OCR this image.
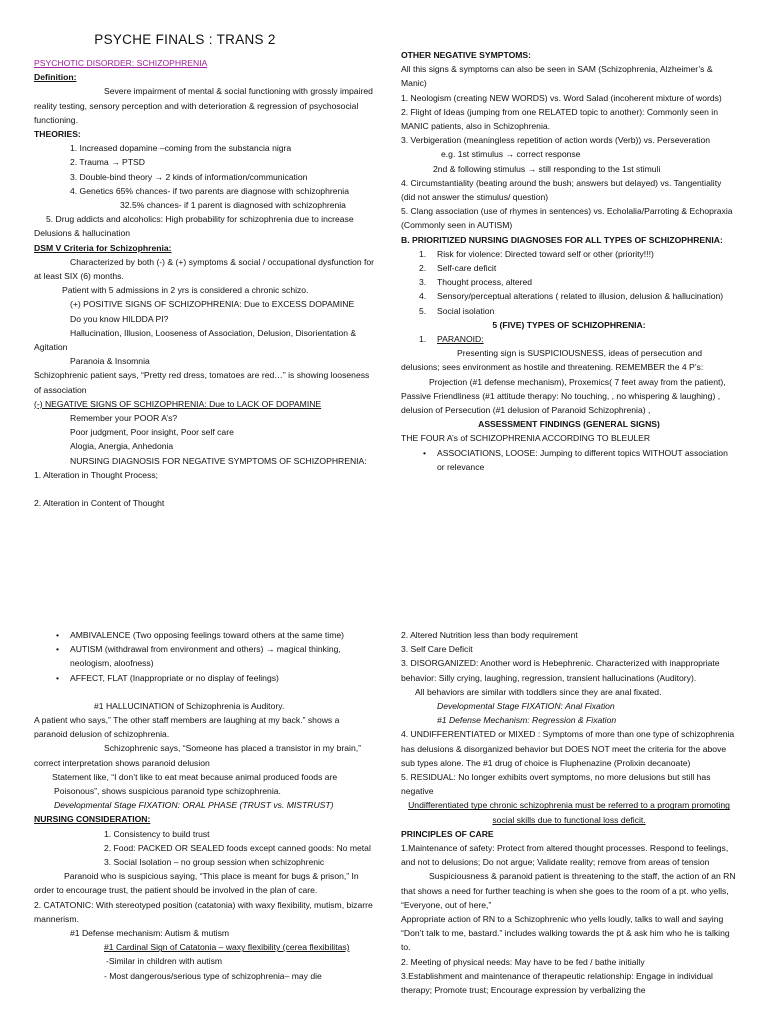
PSYCHE FINALS : TRANS 2

PSYCHOTIC DISORDER: SCHIZOPHRENIA

Definition:

Severe impairment of mental & social functioning with grossly impaired reality testing, sensory perception and with deterioration & regression of psychosocial functioning.

THEORIES:

1. Increased dopamine –coming from the substancia nigra

2. Trauma → PTSD

3. Double-bind theory → 2 kinds of information/communication

4. Genetics 65% chances- if two parents are diagnose with schizophrenia

32.5% chances- if 1 parent is diagnosed with schizophrenia

5. Drug addicts and alcoholics: High probability for schizophrenia due to increase Delusions & hallucination

DSM V Criteria for Schizophrenia:

Characterized by both (-) & (+) symptoms & social / occupational dysfunction for at least SIX (6) months.

Patient with 5 admissions in 2 yrs is considered a chronic schizo.

(+) POSITIVE SIGNS OF SCHIZOPHRENIA: Due to EXCESS DOPAMINE

Do you know HILDDA PI?

Hallucination, Illusion, Looseness of Association, Delusion, Disorientation & Agitation

Paranoia & Insomnia

Schizophrenic patient says, “Pretty red dress, tomatoes are red…” is showing looseness of association

(-) NEGATIVE SIGNS OF SCHIZOPHRENIA: Due to LACK OF DOPAMINE

Remember your POOR A’s?

Poor judgment, Poor insight, Poor self care

Alogia, Anergia, Anhedonia

NURSING DIAGNOSIS FOR NEGATIVE SYMPTOMS OF SCHIZOPHRENIA:

1. Alteration in Thought Process;

2. Alteration in Content of Thought

OTHER NEGATIVE SYMPTOMS:

All this signs & symptoms can also be seen in SAM (Schizophrenia, Alzheimer’s & Manic)

1. Neologism (creating NEW WORDS) vs. Word Salad (incoherent mixture of words)

2. Flight of Ideas (jumping from one RELATED topic to another): Commonly seen in MANIC patients, also in Schizophrenia.

3. Verbigeration (meaningless repetition of action words (Verb)) vs. Perseveration

e.g. 1st stimulus → correct response

2nd & following stimulus → still responding to the 1st stimuli

4. Circumstantiality (beating around the bush; answers but delayed) vs. Tangentiality (did not answer the stimulus/ question)

5. Clang association (use of rhymes in sentences) vs. Echolalia/Parroting & Echopraxia (Commonly seen in AUTISM)

B. PRIORITIZED NURSING DIAGNOSES FOR ALL TYPES OF SCHIZOPHRENIA:

1. Risk for violence: Directed toward self or other (priority!!!)

2. Self-care deficit

3. Thought process, altered

4. Sensory/perceptual alterations ( related to illusion, delusion & hallucination)

5. Social isolation

5 (FIVE) TYPES OF SCHIZOPHRENIA:

1. PARANOID:

Presenting sign is SUSPICIOUSNESS, ideas of persecution and delusions; sees environment as hostile and threatening. REMEMBER the 4 P’s:

Projection (#1 defense mechanism), Proxemics( 7 feet away from the patient), Passive Friendliness (#1 attitude therapy: No touching, , no whispering & laughing) , delusion of Persecution (#1 delusion of Paranoid Schizophrenia) ,

ASSESSMENT FINDINGS (GENERAL SIGNS)

THE FOUR A’s of SCHIZOPHRENIA ACCORDING TO BLEULER

• ASSOCIATIONS, LOOSE: Jumping to different topics WITHOUT association or relevance

• AMBIVALENCE (Two opposing feelings toward others at the same time)

• AUTISM (withdrawal from environment and others) → magical thinking, neologism, aloofness)

• AFFECT, FLAT (Inappropriate or no display of feelings)

#1 HALLUCINATION of Schizophrenia is Auditory.

A patient who says,” The other staff members are laughing at my back.” shows a paranoid delusion of schizophrenia.

Schizophrenic says, “Someone has placed a transistor in my brain,” correct interpretation shows paranoid delusion

Statement like, “I don’t like to eat meat because animal produced foods are

Poisonous”, shows suspicious paranoid type schizophrenia.

Developmental Stage FIXATION: ORAL PHASE (TRUST vs. MISTRUST)

NURSING CONSIDERATION:

1. Consistency to build trust

2. Food: PACKED OR SEALED foods except canned goods: No metal

3. Social Isolation – no group session when schizophrenic

Paranoid who is suspicious saying, “This place is meant for bugs & prison,” In order to encourage trust, the patient should be involved in the plan of care.

2. CATATONIC: With stereotyped position (catatonia) with waxy flexibility, mutism, bizarre mannerism.

#1 Defense mechanism: Autism & mutism

#1 Cardinal Sign of Catatonia – waxy flexibility (cerea flexibilitas)

-Similar in children with autism

- Most dangerous/serious type of schizophrenia– may die

2. Altered Nutrition less than body requirement

3. Self Care Deficit

3. DISORGANIZED: Another word is Hebephrenic. Characterized with inappropriate behavior: Silly crying, laughing, regression, transient hallucinations (Auditory).

All behaviors are similar with toddlers since they are anal fixated.

Developmental Stage FIXATION: Anal Fixation

#1 Defense Mechanism: Regression & Fixation

4. UNDIFFERENTIATED or MIXED : Symptoms of more than one type of schizophrenia

has delusions & disorganized behavior but DOES NOT meet the criteria for the above sub types alone. The #1 drug of choice is Fluphenazine (Prolixin decanoate)

5. RESIDUAL: No longer exhibits overt symptoms, no more delusions but still has negative

Undifferentiated type chronic schizophrenia must be referred to a program promoting social skills due to functional loss deficit.

PRINCIPLES OF CARE

1.Maintenance of safety: Protect from altered thought processes. Respond to feelings, and not to delusions; Do not argue; Validate reality; remove from areas of tension

Suspiciousness & paranoid patient is threatening to the staff, the action of an RN that shows a need for further teaching is when she goes to the room of a pt. who yells, “Everyone, out of here,”

Appropriate action of RN to a Schizophrenic who yells loudly, talks to wall and saying “Don’t talk to me, bastard.” includes walking towards the pt & ask him who he is talking to.

2. Meeting of physical needs: May have to be fed / bathe initially

3.Establishment and maintenance of therapeutic relationship: Engage in individual therapy; Promote trust; Encourage expression by verbalizing the
